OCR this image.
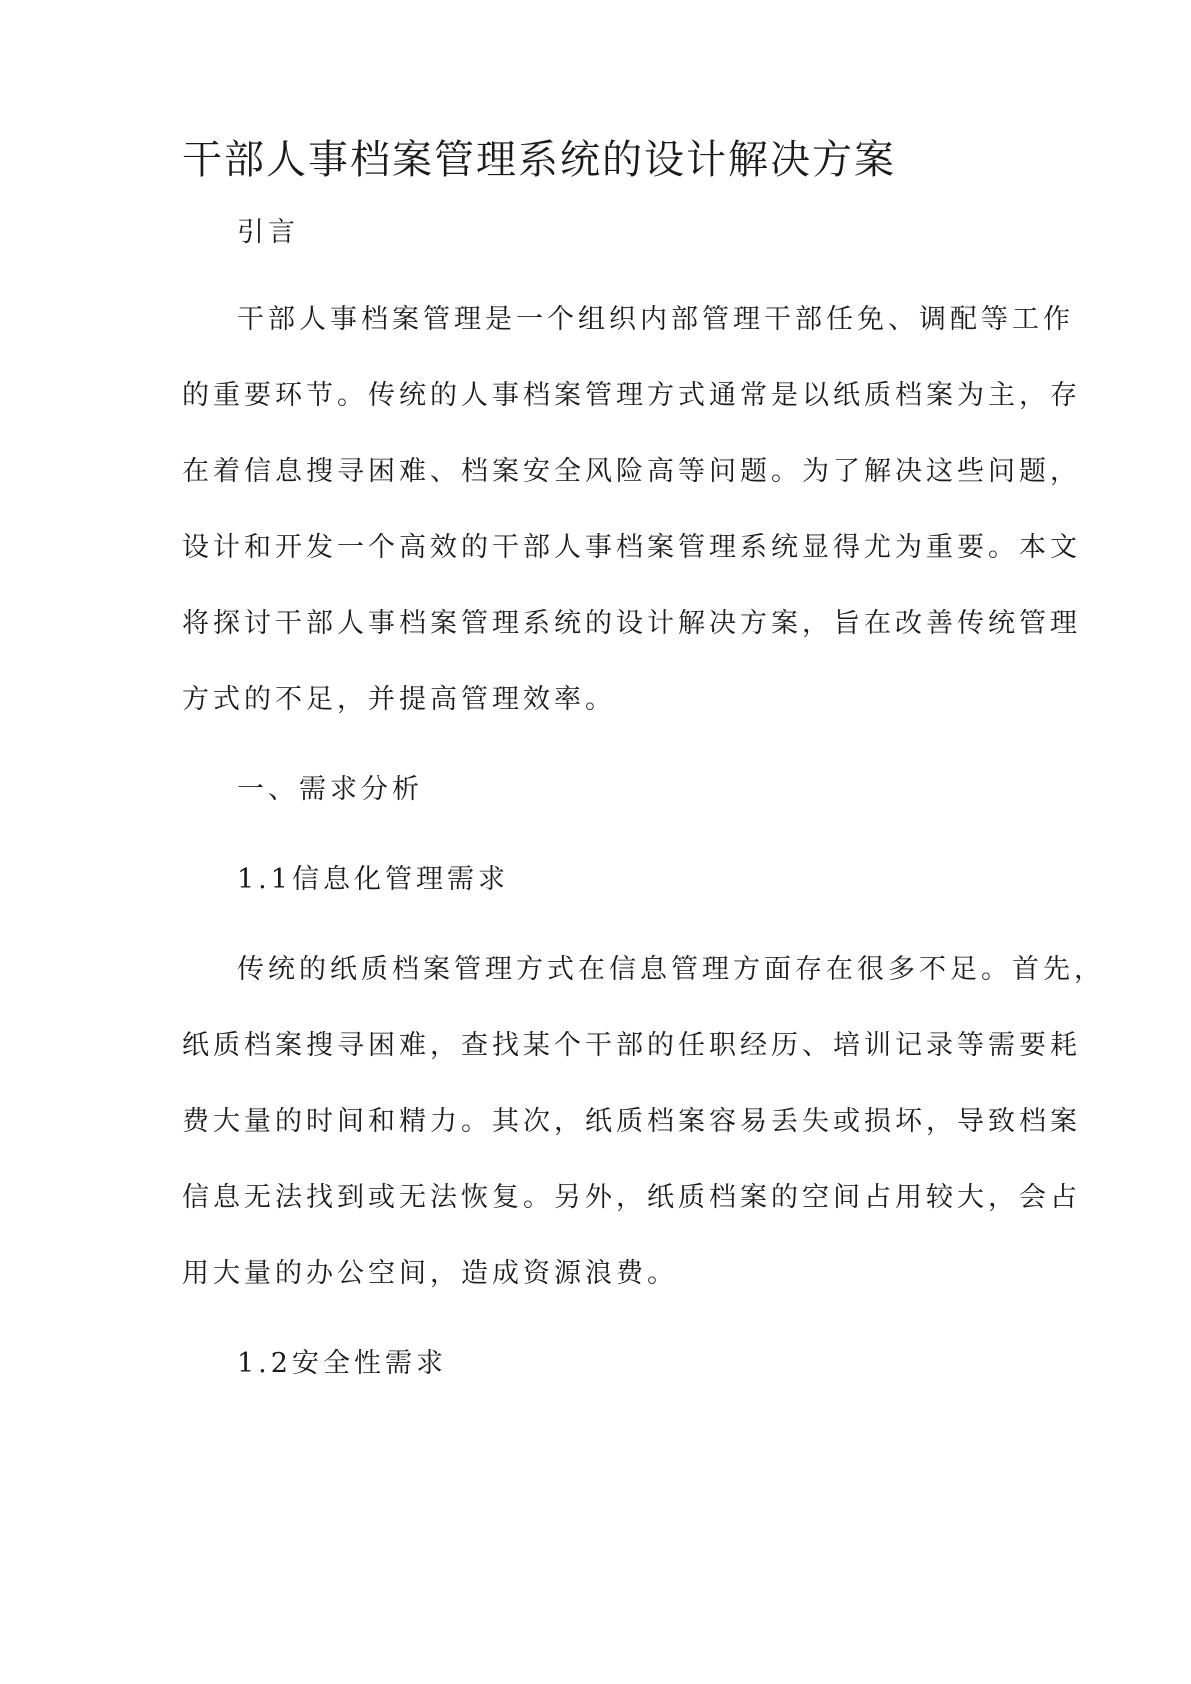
干部人事档案管理系统的设计解决方案

引言

干部人事档案管理是一个组织内部管理干部任免、调配等工作

的重要环节。传统的人事档案管理方式通常是以纸质档案为主，存

在着信息搜寻困难、档案安全风险高等问题。为了解决这些问题，

设计和开发一个高效的干部人事档案管理系统显得尤为重要。本文

将探讨干部人事档案管理系统的设计解决方案，旨在改善传统管理

方式的不足，并提高管理效率。

一、需求分析

1.1信息化管理需求

传统的纸质档案管理方式在信息管理方面存在很多不足。首先，

纸质档案搜寻困难，查找某个干部的任职经历、培训记录等需要耗

费大量的时间和精力。其次，纸质档案容易丢失或损坏，导致档案

信息无法找到或无法恢复。另外，纸质档案的空间占用较大，会占

用大量的办公空间，造成资源浪费。

1.2安全性需求
